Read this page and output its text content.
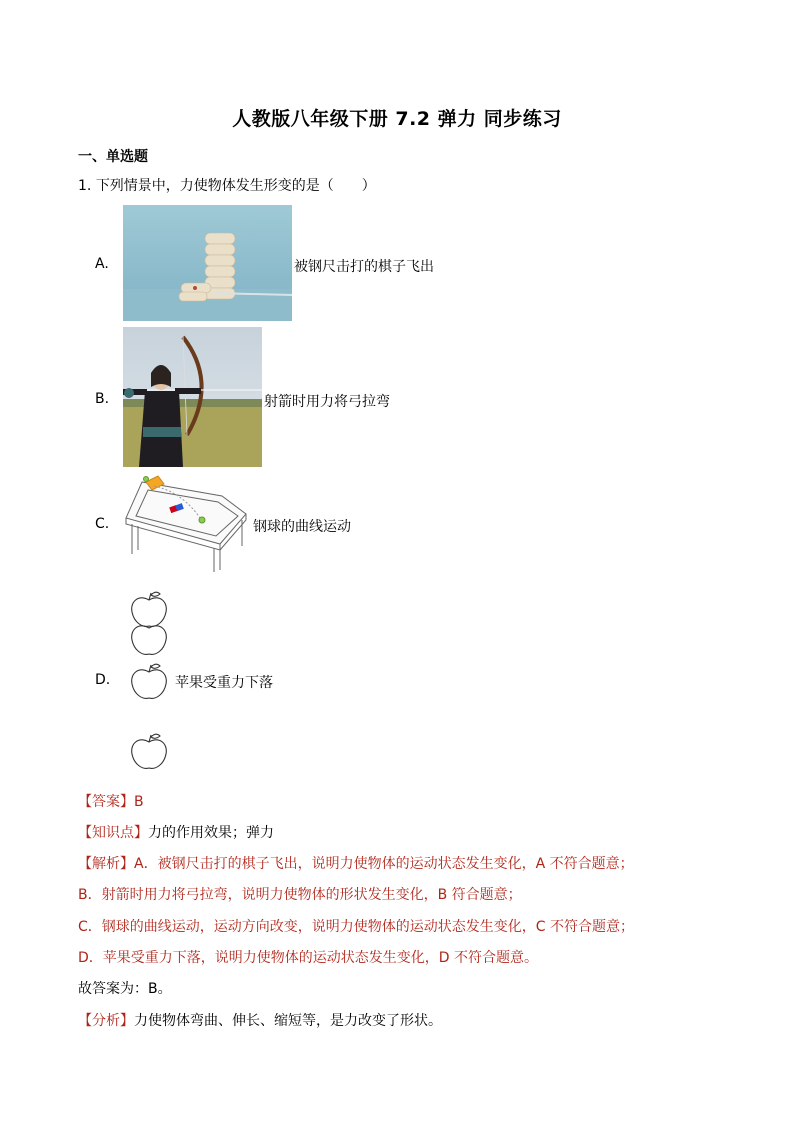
人教版八年级下册 7.2 弹力 同步练习
一、单选题
1. 下列情景中，力使物体发生形变的是（　　）
A.	被钢尺击打的棋子飞出
B.	射箭时用力将弓拉弯
C.	钢球的曲线运动
D.	苹果受重力下落
【答案】B
【知识点】力的作用效果；弹力
【解析】A．被钢尺击打的棋子飞出，说明力使物体的运动状态发生变化，A 不符合题意；
B．射箭时用力将弓拉弯，说明力使物体的形状发生变化，B 符合题意；
C．钢球的曲线运动，运动方向改变，说明力使物体的运动状态发生变化，C 不符合题意；
D．苹果受重力下落，说明力使物体的运动状态发生变化，D 不符合题意。
故答案为：B。
【分析】力使物体弯曲、伸长、缩短等，是力改变了形状。
